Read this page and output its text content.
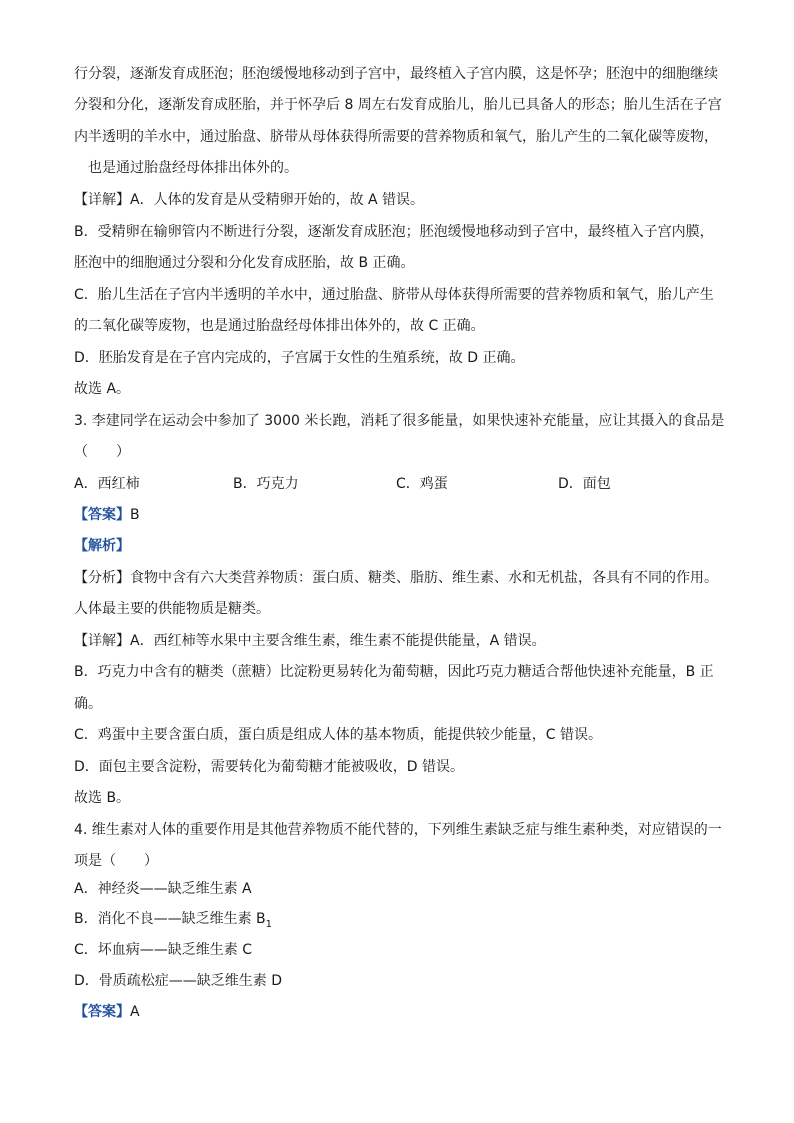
行分裂，逐渐发育成胚泡；胚泡缓慢地移动到子宫中，最终植入子宫内膜，这是怀孕；胚泡中的细胞继续
分裂和分化，逐渐发育成胚胎，并于怀孕后 8 周左右发育成胎儿，胎儿已具备人的形态；胎儿生活在子宫
内半透明的羊水中，通过胎盘、脐带从母体获得所需要的营养物质和氧气，胎儿产生的二氧化碳等废物，
也是通过胎盘经母体排出体外的。
【详解】A．人体的发育是从受精卵开始的，故 A 错误。
B．受精卵在输卵管内不断进行分裂，逐渐发育成胚泡；胚泡缓慢地移动到子宫中，最终植入子宫内膜，
胚泡中的细胞通过分裂和分化发育成胚胎，故 B 正确。
C．胎儿生活在子宫内半透明的羊水中，通过胎盘、脐带从母体获得所需要的营养物质和氧气，胎儿产生
的二氧化碳等废物，也是通过胎盘经母体排出体外的，故 C 正确。
D．胚胎发育是在子宫内完成的，子宫属于女性的生殖系统，故 D 正确。
故选 A。
3. 李建同学在运动会中参加了 3000 米长跑，消耗了很多能量，如果快速补充能量，应让其摄入的食品是
（　　）
A．西红柿	B．巧克力	C．鸡蛋	D．面包
【答案】B
【解析】
【分析】食物中含有六大类营养物质：蛋白质、糖类、脂肪、维生素、水和无机盐，各具有不同的作用。
人体最主要的供能物质是糖类。
【详解】A．西红柿等水果中主要含维生素，维生素不能提供能量，A 错误。
B．巧克力中含有的糖类（蔗糖）比淀粉更易转化为葡萄糖，因此巧克力糖适合帮他快速补充能量，B 正
确。
C．鸡蛋中主要含蛋白质，蛋白质是组成人体的基本物质，能提供较少能量，C 错误。
D．面包主要含淀粉，需要转化为葡萄糖才能被吸收，D 错误。
故选 B。
4. 维生素对人体的重要作用是其他营养物质不能代替的，下列维生素缺乏症与维生素种类，对应错误的一
项是（　　）
A．神经炎——缺乏维生素 A
B．消化不良——缺乏维生素 $B_1$
C．坏血病——缺乏维生素 C
D．骨质疏松症——缺乏维生素 D
【答案】A
